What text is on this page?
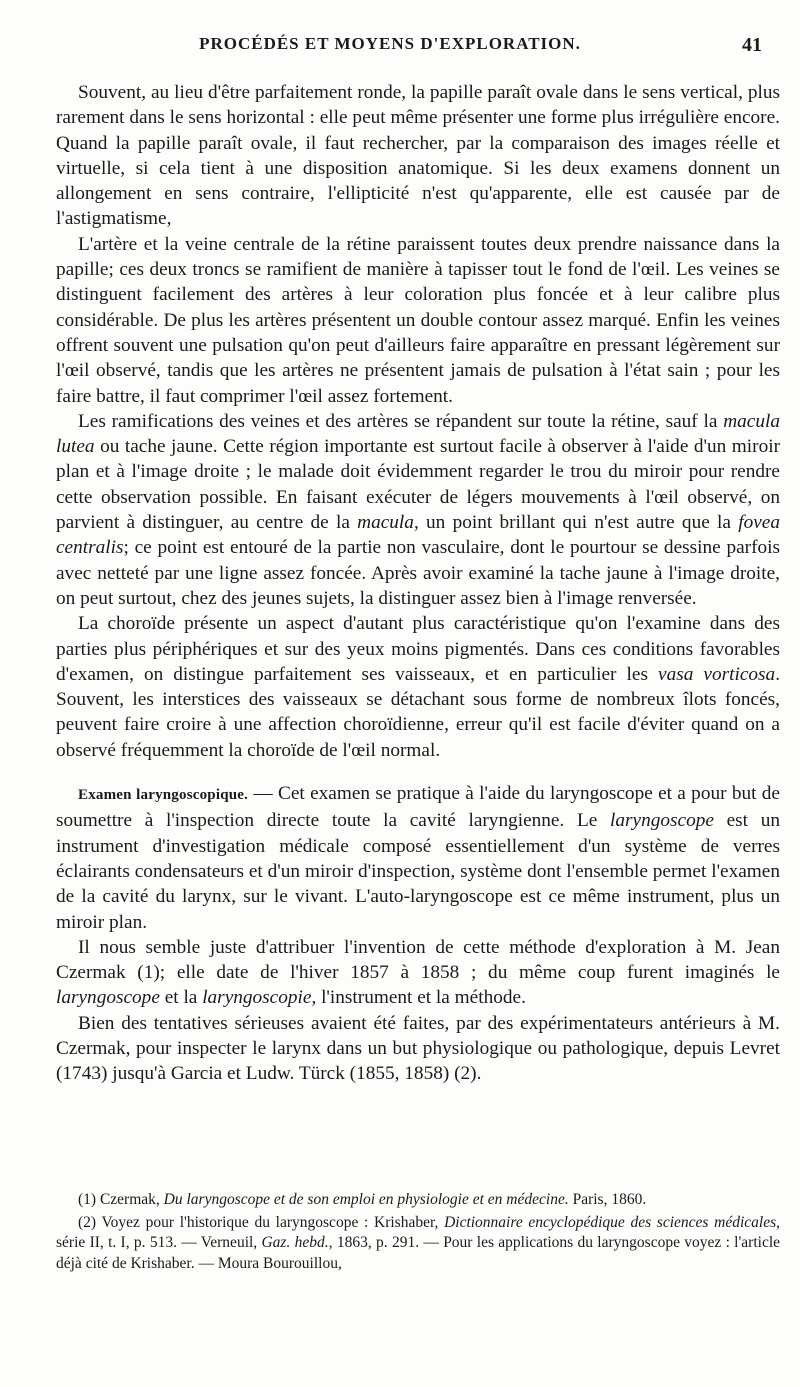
PROCÉDÉS ET MOYENS D'EXPLORATION.	41

Souvent, au lieu d'être parfaitement ronde, la papille paraît ovale dans le sens vertical, plus rarement dans le sens horizontal : elle peut même présenter une forme plus irrégulière encore. Quand la papille paraît ovale, il faut rechercher, par la comparaison des images réelle et virtuelle, si cela tient à une disposition anatomique. Si les deux examens donnent un allongement en sens contraire, l'ellipticité n'est qu'apparente, elle est causée par de l'astigmatisme,

L'artère et la veine centrale de la rétine paraissent toutes deux prendre naissance dans la papille; ces deux troncs se ramifient de manière à tapisser tout le fond de l'œil. Les veines se distinguent facilement des artères à leur coloration plus foncée et à leur calibre plus considérable. De plus les artères présentent un double contour assez marqué. Enfin les veines offrent souvent une pulsation qu'on peut d'ailleurs faire apparaître en pressant légèrement sur l'œil observé, tandis que les artères ne présentent jamais de pulsation à l'état sain ; pour les faire battre, il faut comprimer l'œil assez fortement.

Les ramifications des veines et des artères se répandent sur toute la rétine, sauf la macula lutea ou tache jaune. Cette région importante est surtout facile à observer à l'aide d'un miroir plan et à l'image droite ; le malade doit évidemment regarder le trou du miroir pour rendre cette observation possible. En faisant exécuter de légers mouvements à l'œil observé, on parvient à distinguer, au centre de la macula, un point brillant qui n'est autre que la fovea centralis; ce point est entouré de la partie non vasculaire, dont le pourtour se dessine parfois avec netteté par une ligne assez foncée. Après avoir examiné la tache jaune à l'image droite, on peut surtout, chez des jeunes sujets, la distinguer assez bien à l'image renversée.

La choroïde présente un aspect d'autant plus caractéristique qu'on l'examine dans des parties plus périphériques et sur des yeux moins pigmentés. Dans ces conditions favorables d'examen, on distingue parfaitement ses vaisseaux, et en particulier les vasa vorticosa. Souvent, les interstices des vaisseaux se détachant sous forme de nombreux îlots foncés, peuvent faire croire à une affection choroïdienne, erreur qu'il est facile d'éviter quand on a observé fréquemment la choroïde de l'œil normal.

Examen laryngoscopique. — Cet examen se pratique à l'aide du laryngoscope et a pour but de soumettre à l'inspection directe toute la cavité laryngienne. Le laryngoscope est un instrument d'investigation médicale composé essentiellement d'un système de verres éclairants condensateurs et d'un miroir d'inspection, système dont l'ensemble permet l'examen de la cavité du larynx, sur le vivant. L'auto-laryngoscope est ce même instrument, plus un miroir plan.

Il nous semble juste d'attribuer l'invention de cette méthode d'exploration à M. Jean Czermak (1); elle date de l'hiver 1857 à 1858 ; du même coup furent imaginés le laryngoscope et la laryngoscopie, l'instrument et la méthode.

Bien des tentatives sérieuses avaient été faites, par des expérimentateurs antérieurs à M. Czermak, pour inspecter le larynx dans un but physiologique ou pathologique, depuis Levret (1743) jusqu'à Garcia et Ludw. Türck (1855, 1858) (2).

(1) Czermak, Du laryngoscope et de son emploi en physiologie et en médecine. Paris, 1860.

(2) Voyez pour l'historique du laryngoscope : Krishaber, Dictionnaire encyclopédique des sciences médicales, série II, t. I, p. 513. — Verneuil, Gaz. hebd., 1863, p. 291. — Pour les applications du laryngoscope voyez : l'article déjà cité de Krishaber. — Moura Bourouillou,
